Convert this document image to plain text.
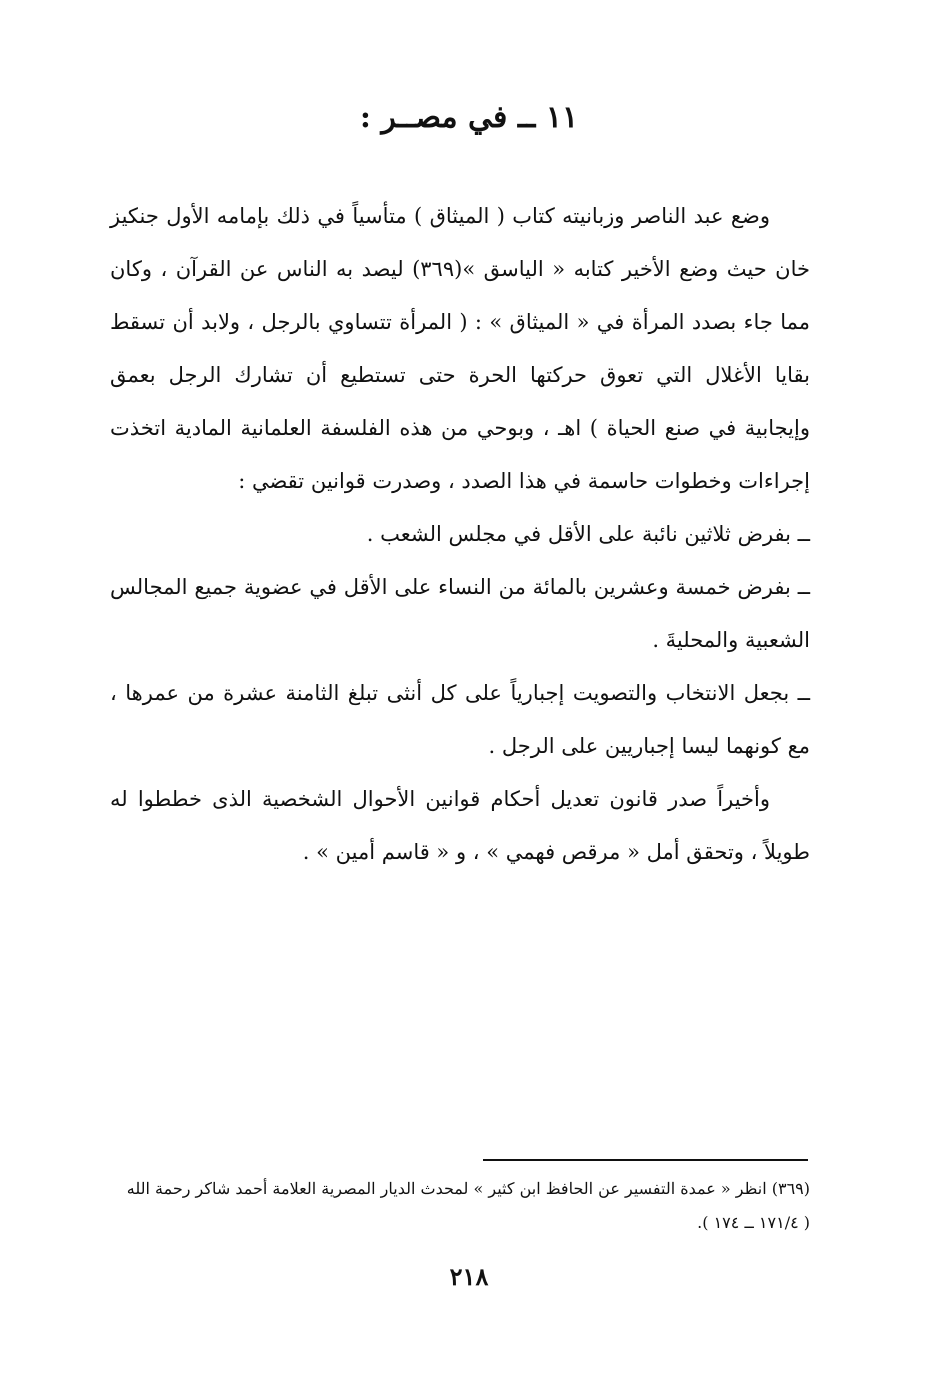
١١ ــ في مصــر :

وضع عبد الناصر وزبانيته كتاب ( الميثاق ) متأسياً في ذلك بإمامه الأول جنكيز خان حيث وضع الأخير كتابه « الياسق »(٣٦٩) ليصد به الناس عن القرآن ، وكان مما جاء بصدد المرأة في « الميثاق » : ( المرأة تتساوي بالرجل ، ولابد أن تسقط بقايا الأغلال التي تعوق حركتها الحرة حتى تستطيع أن تشارك الرجل بعمق وإيجابية في صنع الحياة ) اهـ ، وبوحي من هذه الفلسفة العلمانية المادية اتخذت إجراءات وخطوات حاسمة في هذا الصدد ، وصدرت قوانين تقضي :

ــ بفرض ثلاثين نائبة على الأقل في مجلس الشعب .

ــ بفرض خمسة وعشرين بالمائة من النساء على الأقل في عضوية جميع المجالس الشعبية والمحليةَ .

ــ بجعل الانتخاب والتصويت إجبارياً على كل أنثى تبلغ الثامنة عشرة من عمرها ، مع كونهما ليسا إجباريين على الرجل .

وأخيراً صدر قانون تعديل أحكام قوانين الأحوال الشخصية الذى خططوا له طويلاً ، وتحقق أمل « مرقص فهمي » ، و « قاسم أمين » .

(٣٦٩) انظر « عمدة التفسير عن الحافظ ابن كثير » لمحدث الديار المصرية العلامة أحمد شاكر رحمة الله

( ١٧١/٤ ــ ١٧٤ ).

٢١٨
